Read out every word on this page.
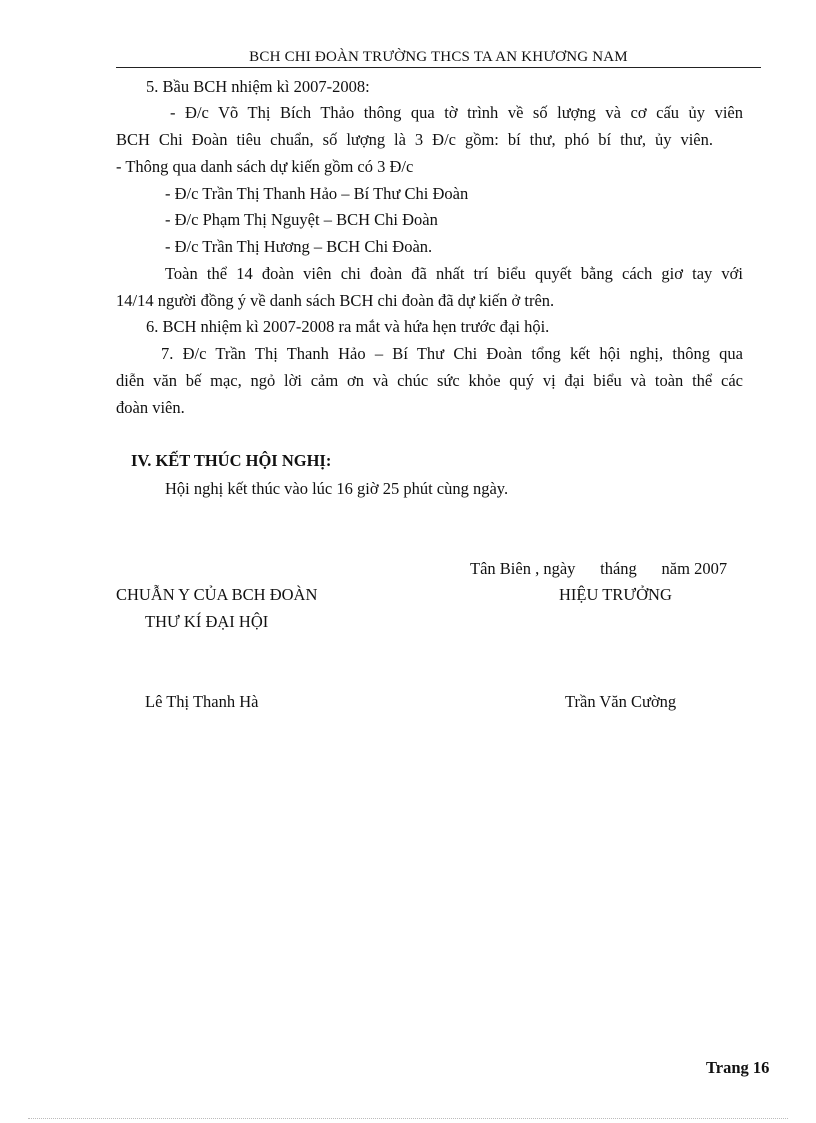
BCH CHI ĐOÀN TRƯỜNG THCS TA AN KHƯƠNG NAM
5. Bầu BCH nhiệm kì 2007-2008:
- Đ/c Võ Thị Bích Thảo thông qua tờ trình về số lượng và cơ cấu ủy viên
BCH Chi Đoàn tiêu chuẩn, số lượng là 3 Đ/c gồm: bí thư, phó bí thư, ủy viên.
- Thông qua danh sách dự kiến gồm có 3 Đ/c
- Đ/c Trần Thị Thanh Hảo – Bí Thư Chi Đoàn
- Đ/c Phạm Thị Nguyệt – BCH Chi Đoàn
- Đ/c Trần Thị Hương – BCH Chi Đoàn.
Toàn thể 14 đoàn viên chi đoàn đã nhất trí biểu quyết bằng cách giơ tay với
14/14 người đồng ý về danh sách BCH chi đoàn đã dự kiến ở trên.
6. BCH nhiệm kì 2007-2008 ra mắt và hứa hẹn trước đại hội.
7. Đ/c Trần Thị Thanh Hảo – Bí Thư Chi Đoàn tổng kết hội nghị, thông qua
diễn văn bế mạc, ngỏ lời cảm ơn và chúc sức khỏe quý vị đại biểu và toàn thể các
đoàn viên.
IV. KẾT THÚC HỘI NGHỊ:
Hội nghị kết thúc vào lúc 16 giờ 25 phút cùng ngày.
Tân Biên , ngày      tháng      năm 2007
CHUẪN Y CỦA BCH ĐOÀN	HIỆU TRƯỞNG
THƯ KÍ ĐẠI HỘI
Lê Thị Thanh Hà	Trần Văn Cường
Trang 16
